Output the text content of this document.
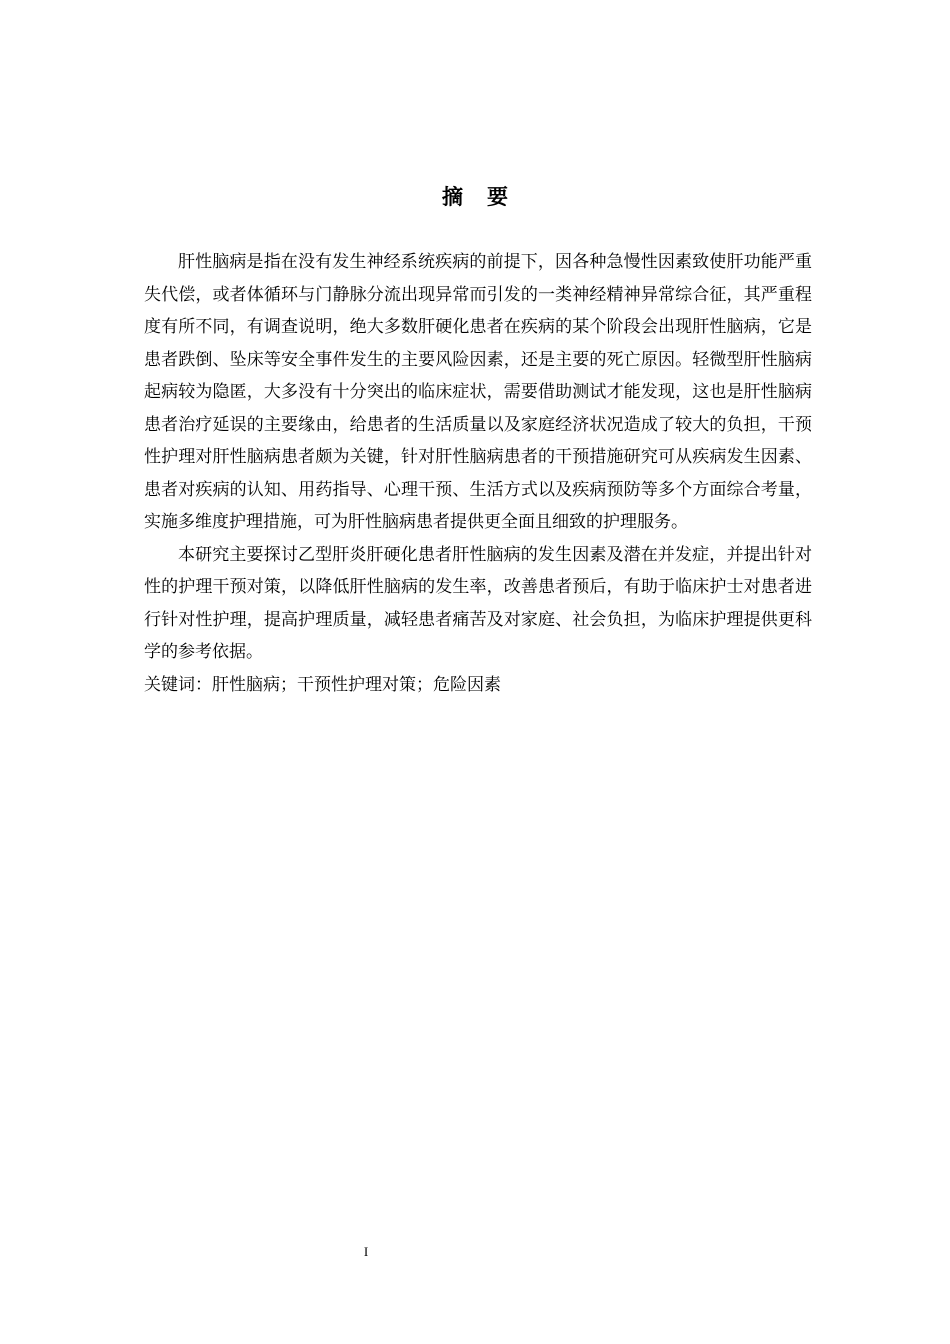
摘 要

肝性脑病是指在没有发生神经系统疾病的前提下，因各种急慢性因素致使肝功能严重失代偿，或者体循环与门静脉分流出现异常而引发的一类神经精神异常综合征，其严重程度有所不同，有调查说明，绝大多数肝硬化患者在疾病的某个阶段会出现肝性脑病，它是患者跌倒、坠床等安全事件发生的主要风险因素，还是主要的死亡原因。轻微型肝性脑病起病较为隐匿，大多没有十分突出的临床症状，需要借助测试才能发现，这也是肝性脑病患者治疗延误的主要缘由，给患者的生活质量以及家庭经济状况造成了较大的负担，干预性护理对肝性脑病患者颇为关键，针对肝性脑病患者的干预措施研究可从疾病发生因素、患者对疾病的认知、用药指导、心理干预、生活方式以及疾病预防等多个方面综合考量，实施多维度护理措施，可为肝性脑病患者提供更全面且细致的护理服务。

本研究主要探讨乙型肝炎肝硬化患者肝性脑病的发生因素及潜在并发症，并提出针对性的护理干预对策，以降低肝性脑病的发生率，改善患者预后，有助于临床护士对患者进行针对性护理，提高护理质量，减轻患者痛苦及对家庭、社会负担，为临床护理提供更科学的参考依据。

关键词：肝性脑病；干预性护理对策；危险因素

I
